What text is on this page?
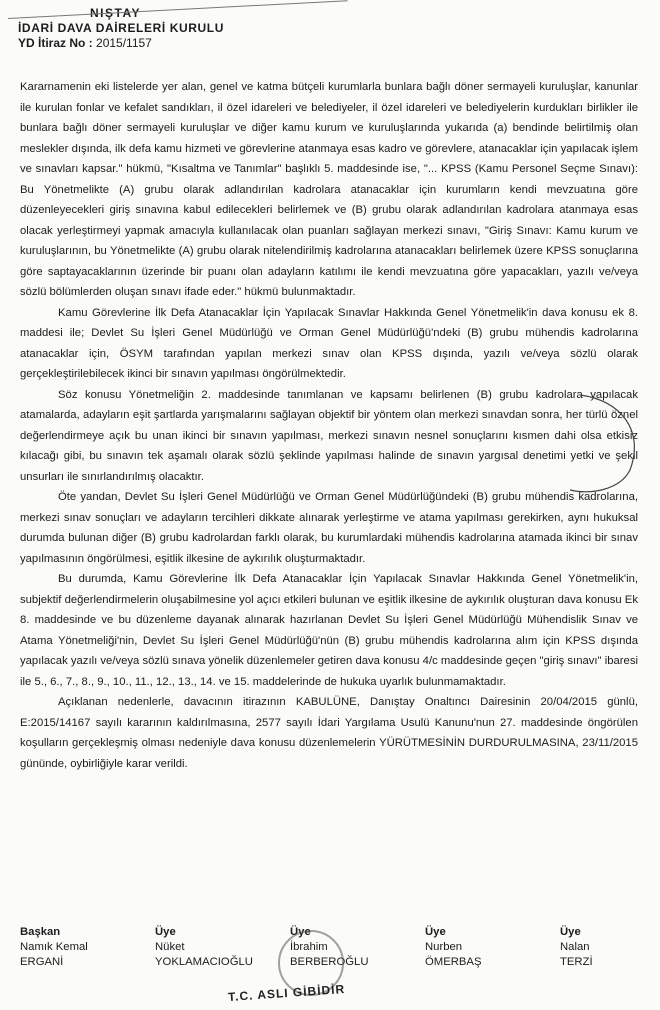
NIŞTAY
İDARİ DAVA DAİRELERİ KURULU
YD İtiraz No : 2015/1157

Kararnamenin eki listelerde yer alan, genel ve katma bütçeli kurumlarla bunlara bağlı döner sermayeli kuruluşlar, kanunlar ile kurulan fonlar ve kefalet sandıkları, il özel idareleri ve belediyeler, il özel idareleri ve belediyelerin kurdukları birlikler ile bunlara bağlı döner sermayeli kuruluşlar ve diğer kamu kurum ve kuruluşlarında yukarıda (a) bendinde belirtilmiş olan meslekler dışında, ilk defa kamu hizmeti ve görevlerine atanmaya esas kadro ve görevlere, atanacaklar için yapılacak işlem ve sınavları kapsar." hükmü, "Kısaltma ve Tanımlar" başlıklı 5. maddesinde ise, "... KPSS (Kamu Personel Seçme Sınavı): Bu Yönetmelikte (A) grubu olarak adlandırılan kadrolara atanacaklar için kurumların kendi mevzuatına göre düzenleyecekleri giriş sınavına kabul edilecekleri belirlemek ve (B) grubu olarak adlandırılan kadrolara atanmaya esas olacak yerleştirmeyi yapmak amacıyla kullanılacak olan puanları sağlayan merkezi sınavı, "Giriş Sınavı: Kamu kurum ve kuruluşlarının, bu Yönetmelikte (A) grubu olarak nitelendirilmiş kadrolarına atanacakları belirlemek üzere KPSS sonuçlarına göre saptayacaklarının üzerinde bir puanı olan adayların katılımı ile kendi mevzuatına göre yapacakları, yazılı ve/veya sözlü bölümlerden oluşan sınavı ifade eder." hükmü bulunmaktadır.

Kamu Görevlerine İlk Defa Atanacaklar İçin Yapılacak Sınavlar Hakkında Genel Yönetmelik'in dava konusu ek 8. maddesi ile; Devlet Su İşleri Genel Müdürlüğü ve Orman Genel Müdürlüğü'ndeki (B) grubu mühendis kadrolarına atanacaklar için, ÖSYM tarafından yapılan merkezi sınav olan KPSS dışında, yazılı ve/veya sözlü olarak gerçekleştirilebilecek ikinci bir sınavın yapılması öngörülmektedir.

Söz konusu Yönetmeliğin 2. maddesinde tanımlanan ve kapsamı belirlenen (B) grubu kadrolara yapılacak atamalarda, adayların eşit şartlarda yarışmalarını sağlayan objektif bir yöntem olan merkezi sınavdan sonra, her türlü öznel değerlendirmeye açık bu unan ikinci bir sınavın yapılması, merkezi sınavın nesnel sonuçlarını kısmen dahi olsa etkisiz kılacağı gibi, bu sınavın tek aşamalı olarak sözlü şeklinde yapılması halinde de sınavın yargısal denetimi yetki ve şekil unsurları ile sınırlandırılmış olacaktır.

Öte yandan, Devlet Su İşleri Genel Müdürlüğü ve Orman Genel Müdürlüğündeki (B) grubu mühendis kadrolarına, merkezi sınav sonuçları ve adayların tercihleri dikkate alınarak yerleştirme ve atama yapılması gerekirken, aynı hukuksal durumda bulunan diğer (B) grubu kadrolardan farklı olarak, bu kurumlardaki mühendis kadrolarına atamada ikinci bir sınav yapılmasının öngörülmesi, eşitlik ilkesine de aykırılık oluşturmaktadır.

Bu durumda, Kamu Görevlerine İlk Defa Atanacaklar İçin Yapılacak Sınavlar Hakkında Genel Yönetmelik'in, subjektif değerlendirmelerin oluşabilmesine yol açıcı etkileri bulunan ve eşitlik ilkesine de aykırılık oluşturan dava konusu Ek 8. maddesinde ve bu düzenleme dayanak alınarak hazırlanan Devlet Su İşleri Genel Müdürlüğü Mühendislik Sınav ve Atama Yönetmeliği'nin, Devlet Su İşleri Genel Müdürlüğü'nün (B) grubu mühendis kadrolarına alım için KPSS dışında yapılacak yazılı ve/veya sözlü sınava yönelik düzenlemeler getiren dava konusu 4/c maddesinde geçen "giriş sınavı" ibaresi ile 5., 6., 7., 8., 9., 10., 11., 12., 13., 14. ve 15. maddelerinde de hukuka uyarlık bulunmamaktadır.

Açıklanan nedenlerle, davacının itirazının KABULÜNE, Danıştay Onaltıncı Dairesinin 20/04/2015 günlü, E:2015/14167 sayılı kararının kaldırılmasına, 2577 sayılı İdari Yargılama Usulü Kanunu'nun 27. maddesinde öngörülen koşulların gerçekleşmiş olması nedeniyle dava konusu düzenlemelerin YÜRÜTMESİNİN DURDURULMASINA, 23/11/2015 gününde, oybirliğiyle karar verildi.

Başkan
Namık Kemal
ERGANİ
Üye
Nüket
YOKLAMACIOĞLU
Üye
İbrahim
BERBEROĞLU
Üye
Nurben
ÖMERBAŞ
Üye
Nalan
TERZİ
T.C. ASLI GİBİDİR
